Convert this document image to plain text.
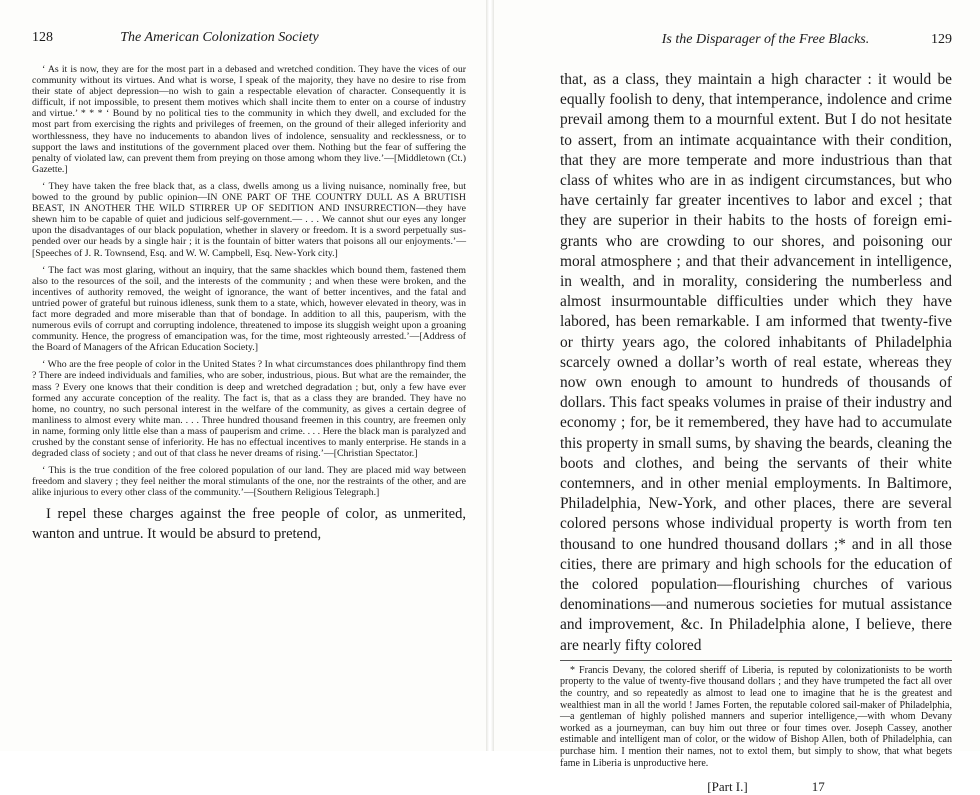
128	The American Colonization Society

‘ As it is now, they are for the most part in a debased and wretched condition. They have the vices of our community without its virtues. And what is worse, I speak of the majority, they have no desire to rise from their state of abject depression—no wish to gain a respectable elevation of character. Consequently it is difficult, if not impossible, to present them motives which shall incite them to enter on a course of industry and virtue.’ * * * ‘ Bound by no political ties to the community in which they dwell, and excluded for the most part from exercising the rights and privileges of freemen, on the ground of their alleged inferiority and worthlessness, they have no inducements to abandon lives of indolence, sensuality and recklessness, or to support the laws and institutions of the government placed over them. Nothing but the fear of suffering the penalty of violated law, can prevent them from preying on those among whom they live.’—[Middletown (Ct.) Gazette.]

‘ They have taken the free black that, as a class, dwells among us a living nuisance, nominally free, but bowed to the ground by public opinion—IN ONE PART OF THE COUNTRY DULL AS A BRUTISH BEAST, IN ANOTHER THE WILD STIRRER UP OF SEDITION AND INSURRECTION—they have shewn him to be capable of quiet and judicious self-government.— . . . We cannot shut our eyes any longer upon the disadvantages of our black population, whether in slavery or freedom. It is a sword perpetually suspended over our heads by a single hair ; it is the fountain of bitter waters that poisons all our enjoyments.’—[Speeches of J. R. Townsend, Esq. and W. W. Campbell, Esq. New-York city.]

‘ The fact was most glaring, without an inquiry, that the same shackles which bound them, fastened them also to the resources of the soil, and the interests of the community ; and when these were broken, and the incentives of authority removed, the weight of ignorance, the want of better incentives, and the fatal and untried power of grateful but ruinous idleness, sunk them to a state, which, however elevated in theory, was in fact more degraded and more miserable than that of bondage. In addition to all this, pauperism, with the numerous evils of corrupt and corrupting indolence, threatened to impose its sluggish weight upon a groaning community. Hence, the progress of emancipation was, for the time, most righteously arrested.’—[Address of the Board of Managers of the African Education Society.]

‘ Who are the free people of color in the United States ? In what circumstances does philanthropy find them ? There are indeed individuals and families, who are sober, industrious, pious. But what are the remainder, the mass ? Every one knows that their condition is deep and wretched degradation ; but, only a few have ever formed any accurate conception of the reality. The fact is, that as a class they are branded. They have no home, no country, no such personal interest in the welfare of the community, as gives a certain degree of manliness to almost every white man. . . . Three hundred thousand freemen in this country, are freemen only in name, forming only little else than a mass of pauperism and crime. . . . Here the black man is paralyzed and crushed by the constant sense of inferiority. He has no effectual incentives to manly enterprise. He stands in a degraded class of society ; and out of that class he never dreams of rising.’—[Christian Spectator.]

‘ This is the true condition of the free colored population of our land. They are placed mid way between freedom and slavery ; they feel neither the moral stimulants of the one, nor the restraints of the other, and are alike injurious to every other class of the community.’—[Southern Religious Telegraph.]

I repel these charges against the free people of color, as unmerited, wanton and untrue. It would be absurd to pretend,

Is the Disparager of the Free Blacks.	129

that, as a class, they maintain a high character : it would be equally foolish to deny, that intemperance, indolence and crime prevail among them to a mournful extent. But I do not hesitate to assert, from an intimate acquaintance with their condition, that they are more temperate and more industrious than that class of whites who are in as indigent circumstances, but who have certainly far greater incentives to labor and excel ; that they are superior in their habits to the hosts of foreign emigrants who are crowding to our shores, and poisoning our moral atmosphere ; and that their advancement in intelligence, in wealth, and in morality, considering the numberless and almost insurmountable difficulties under which they have labored, has been remarkable. I am informed that twenty-five or thirty years ago, the colored inhabitants of Philadelphia scarcely owned a dollar’s worth of real estate, whereas they now own enough to amount to hundreds of thousands of dollars. This fact speaks volumes in praise of their industry and economy ; for, be it remembered, they have had to accumulate this property in small sums, by shaving the beards, cleaning the boots and clothes, and being the servants of their white contemners, and in other menial employments. In Baltimore, Philadelphia, New-York, and other places, there are several colored persons whose individual property is worth from ten thousand to one hundred thousand dollars ;* and in all those cities, there are primary and high schools for the education of the colored population—flourishing churches of various denominations—and numerous societies for mutual assistance and improvement, &c. In Philadelphia alone, I believe, there are nearly fifty colored

* Francis Devany, the colored sheriff of Liberia, is reputed by colonizationists to be worth property to the value of twenty-five thousand dollars ; and they have trumpeted the fact all over the country, and so repeatedly as almost to lead one to imagine that he is the greatest and wealthiest man in all the world ! James Forten, the reputable colored sail-maker of Philadelphia,—a gentleman of highly polished manners and superior intelligence,—with whom Devany worked as a journeyman, can buy him out three or four times over. Joseph Cassey, another estimable and intelligent man of color, or the widow of Bishop Allen, both of Philadelphia, can purchase him. I mention their names, not to extol them, but simply to show, that what begets fame in Liberia is unproductive here.

[Part I.]	17
